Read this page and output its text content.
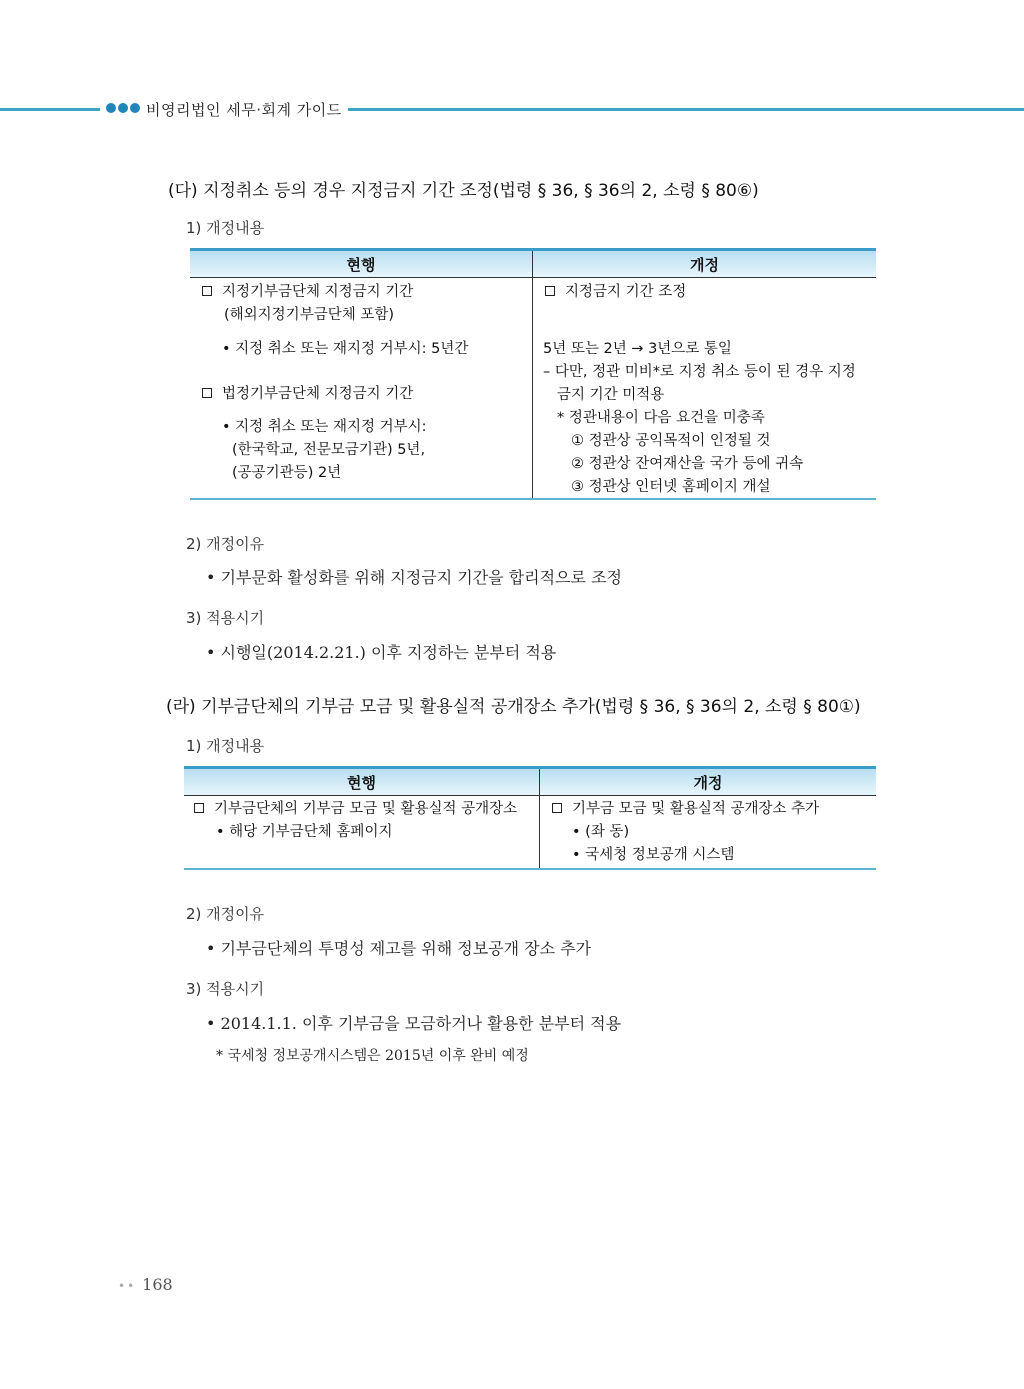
비영리법인 세무·회계 가이드
(다) 지정취소 등의 경우 지정금지 기간 조정(법령 § 36, § 36의 2, 소령 § 80⑥)
1) 개정내용
현행	개정
지정기부금단체 지정금지 기간
(해외지정기부금단체 포함)
• 지정 취소 또는 재지정 거부시: 5년간
법정기부금단체 지정금지 기간
• 지정 취소 또는 재지정 거부시:
(한국학교, 전문모금기관) 5년,
(공공기관등) 2년
지정금지 기간 조정
5년 또는 2년 → 3년으로 통일
– 다만, 정관 미비*로 지정 취소 등이 된 경우 지정
금지 기간 미적용
* 정관내용이 다음 요건을 미충족
① 정관상 공익목적이 인정될 것
② 정관상 잔여재산을 국가 등에 귀속
③ 정관상 인터넷 홈페이지 개설
2) 개정이유
• 기부문화 활성화를 위해 지정금지 기간을 합리적으로 조정
3) 적용시기
• 시행일(2014.2.21.) 이후 지정하는 분부터 적용
(라) 기부금단체의 기부금 모금 및 활용실적 공개장소 추가(법령 § 36, § 36의 2, 소령 § 80①)
1) 개정내용
현행	개정
기부금단체의 기부금 모금 및 활용실적 공개장소
• 해당 기부금단체 홈페이지
기부금 모금 및 활용실적 공개장소 추가
• (좌 동)
• 국세청 정보공개 시스템
2) 개정이유
• 기부금단체의 투명성 제고를 위해 정보공개 장소 추가
3) 적용시기
• 2014.1.1. 이후 기부금을 모금하거나 활용한 분부터 적용
* 국세청 정보공개시스템은 2015년 이후 완비 예정
•• 168
